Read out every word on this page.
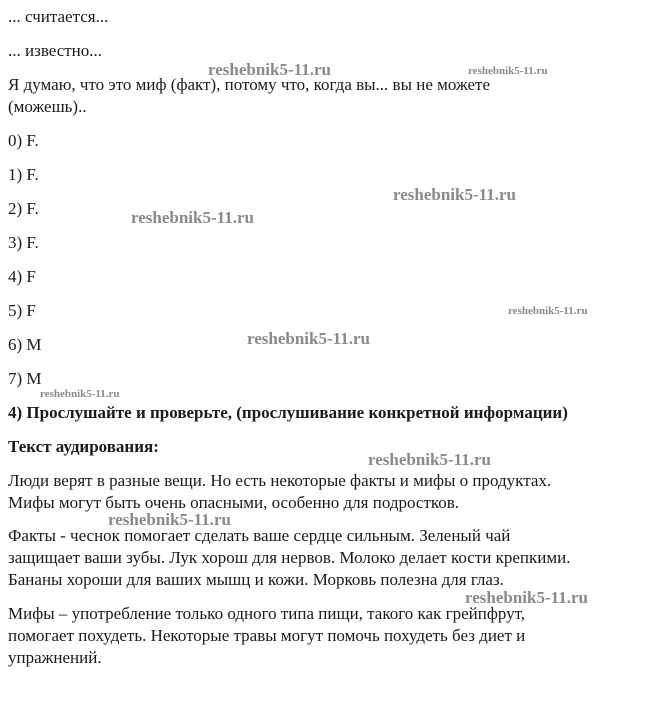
... считается...
... известно...
Я думаю, что это миф (факт), потому что, когда вы... вы не можете
(можешь)..
0) F.
1) F.
2) F.
3) F.
4) F
5) F
6) M
7) M
4) Прослушайте и проверьте, (прослушивание конкретной информации)
Текст аудирования:
Люди верят в разные вещи. Но есть некоторые факты и мифы о продуктах.
Мифы могут быть очень опасными, особенно для подростков.
Факты - чеснок помогает сделать ваше сердце сильным. Зеленый чай
защищает ваши зубы. Лук хорош для нервов. Молоко делает кости крепкими.
Бананы хороши для ваших мышц и кожи. Морковь полезна для глаз.
Мифы – употребление только одного типа пищи, такого как грейпфрут,
помогает похудеть. Некоторые травы могут помочь похудеть без диет и
упражнений.
reshebnik5-11.ru	reshebnik5-11.ru
reshebnik5-11.ru
reshebnik5-11.ru
reshebnik5-11.ru
reshebnik5-11.ru
reshebnik5-11.ru
reshebnik5-11.ru
reshebnik5-11.ru
reshebnik5-11.ru
